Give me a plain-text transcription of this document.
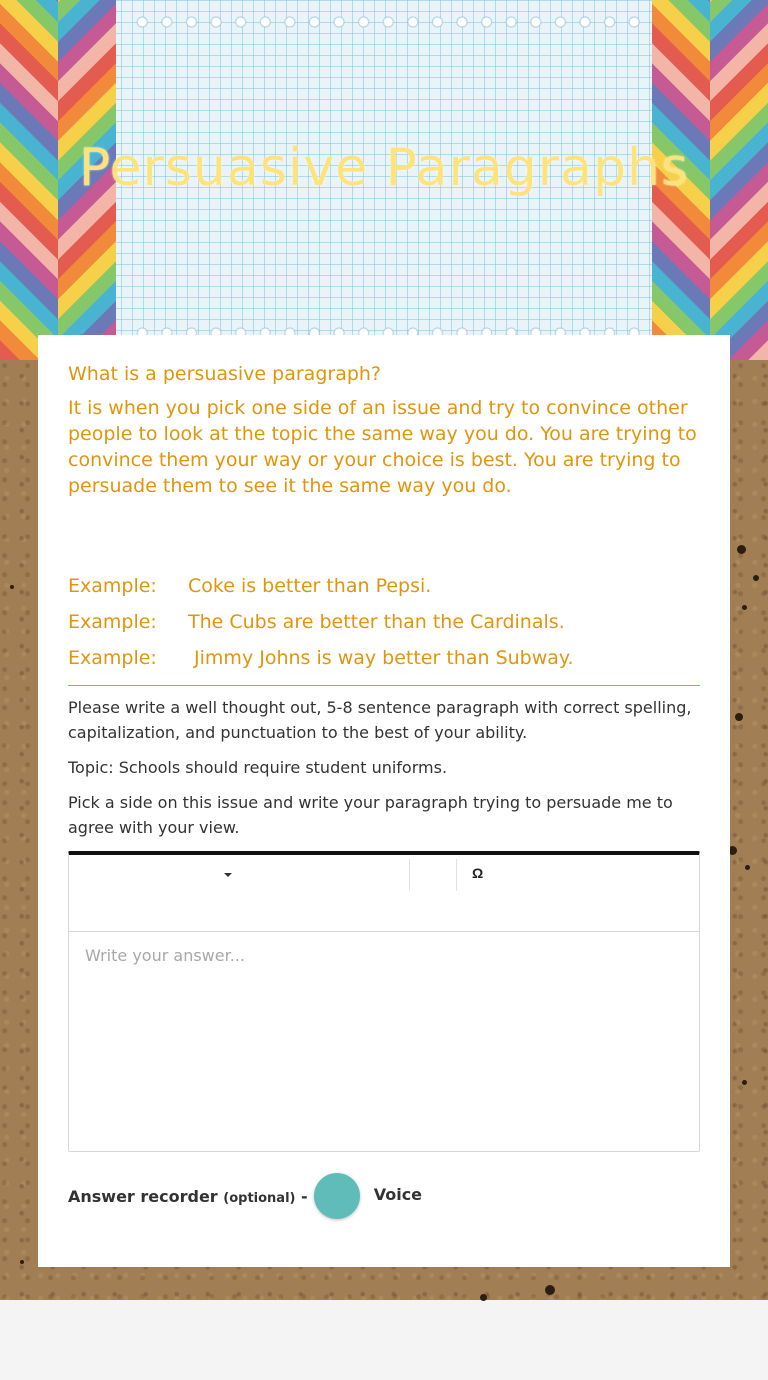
Persuasive Paragraphs
What is a persuasive paragraph?
It is when you pick one side of an issue and try to convince other people to look at the topic the same way you do. You are trying to convince them your way or your choice is best. You are trying to persuade them to see it the same way you do.
Example:	Coke is better than Pepsi.
Example:	The Cubs are better than the Cardinals.
Example:	Jimmy Johns is way better than Subway.

Please write a well thought out, 5-8 sentence paragraph with correct spelling, capitalization, and punctuation to the best of your ability.

Topic: Schools should require student uniforms.

Pick a side on this issue and write your paragraph trying to persuade me to agree with your view.

Ω
Write your answer...
Answer recorder (optional) -	Voice
